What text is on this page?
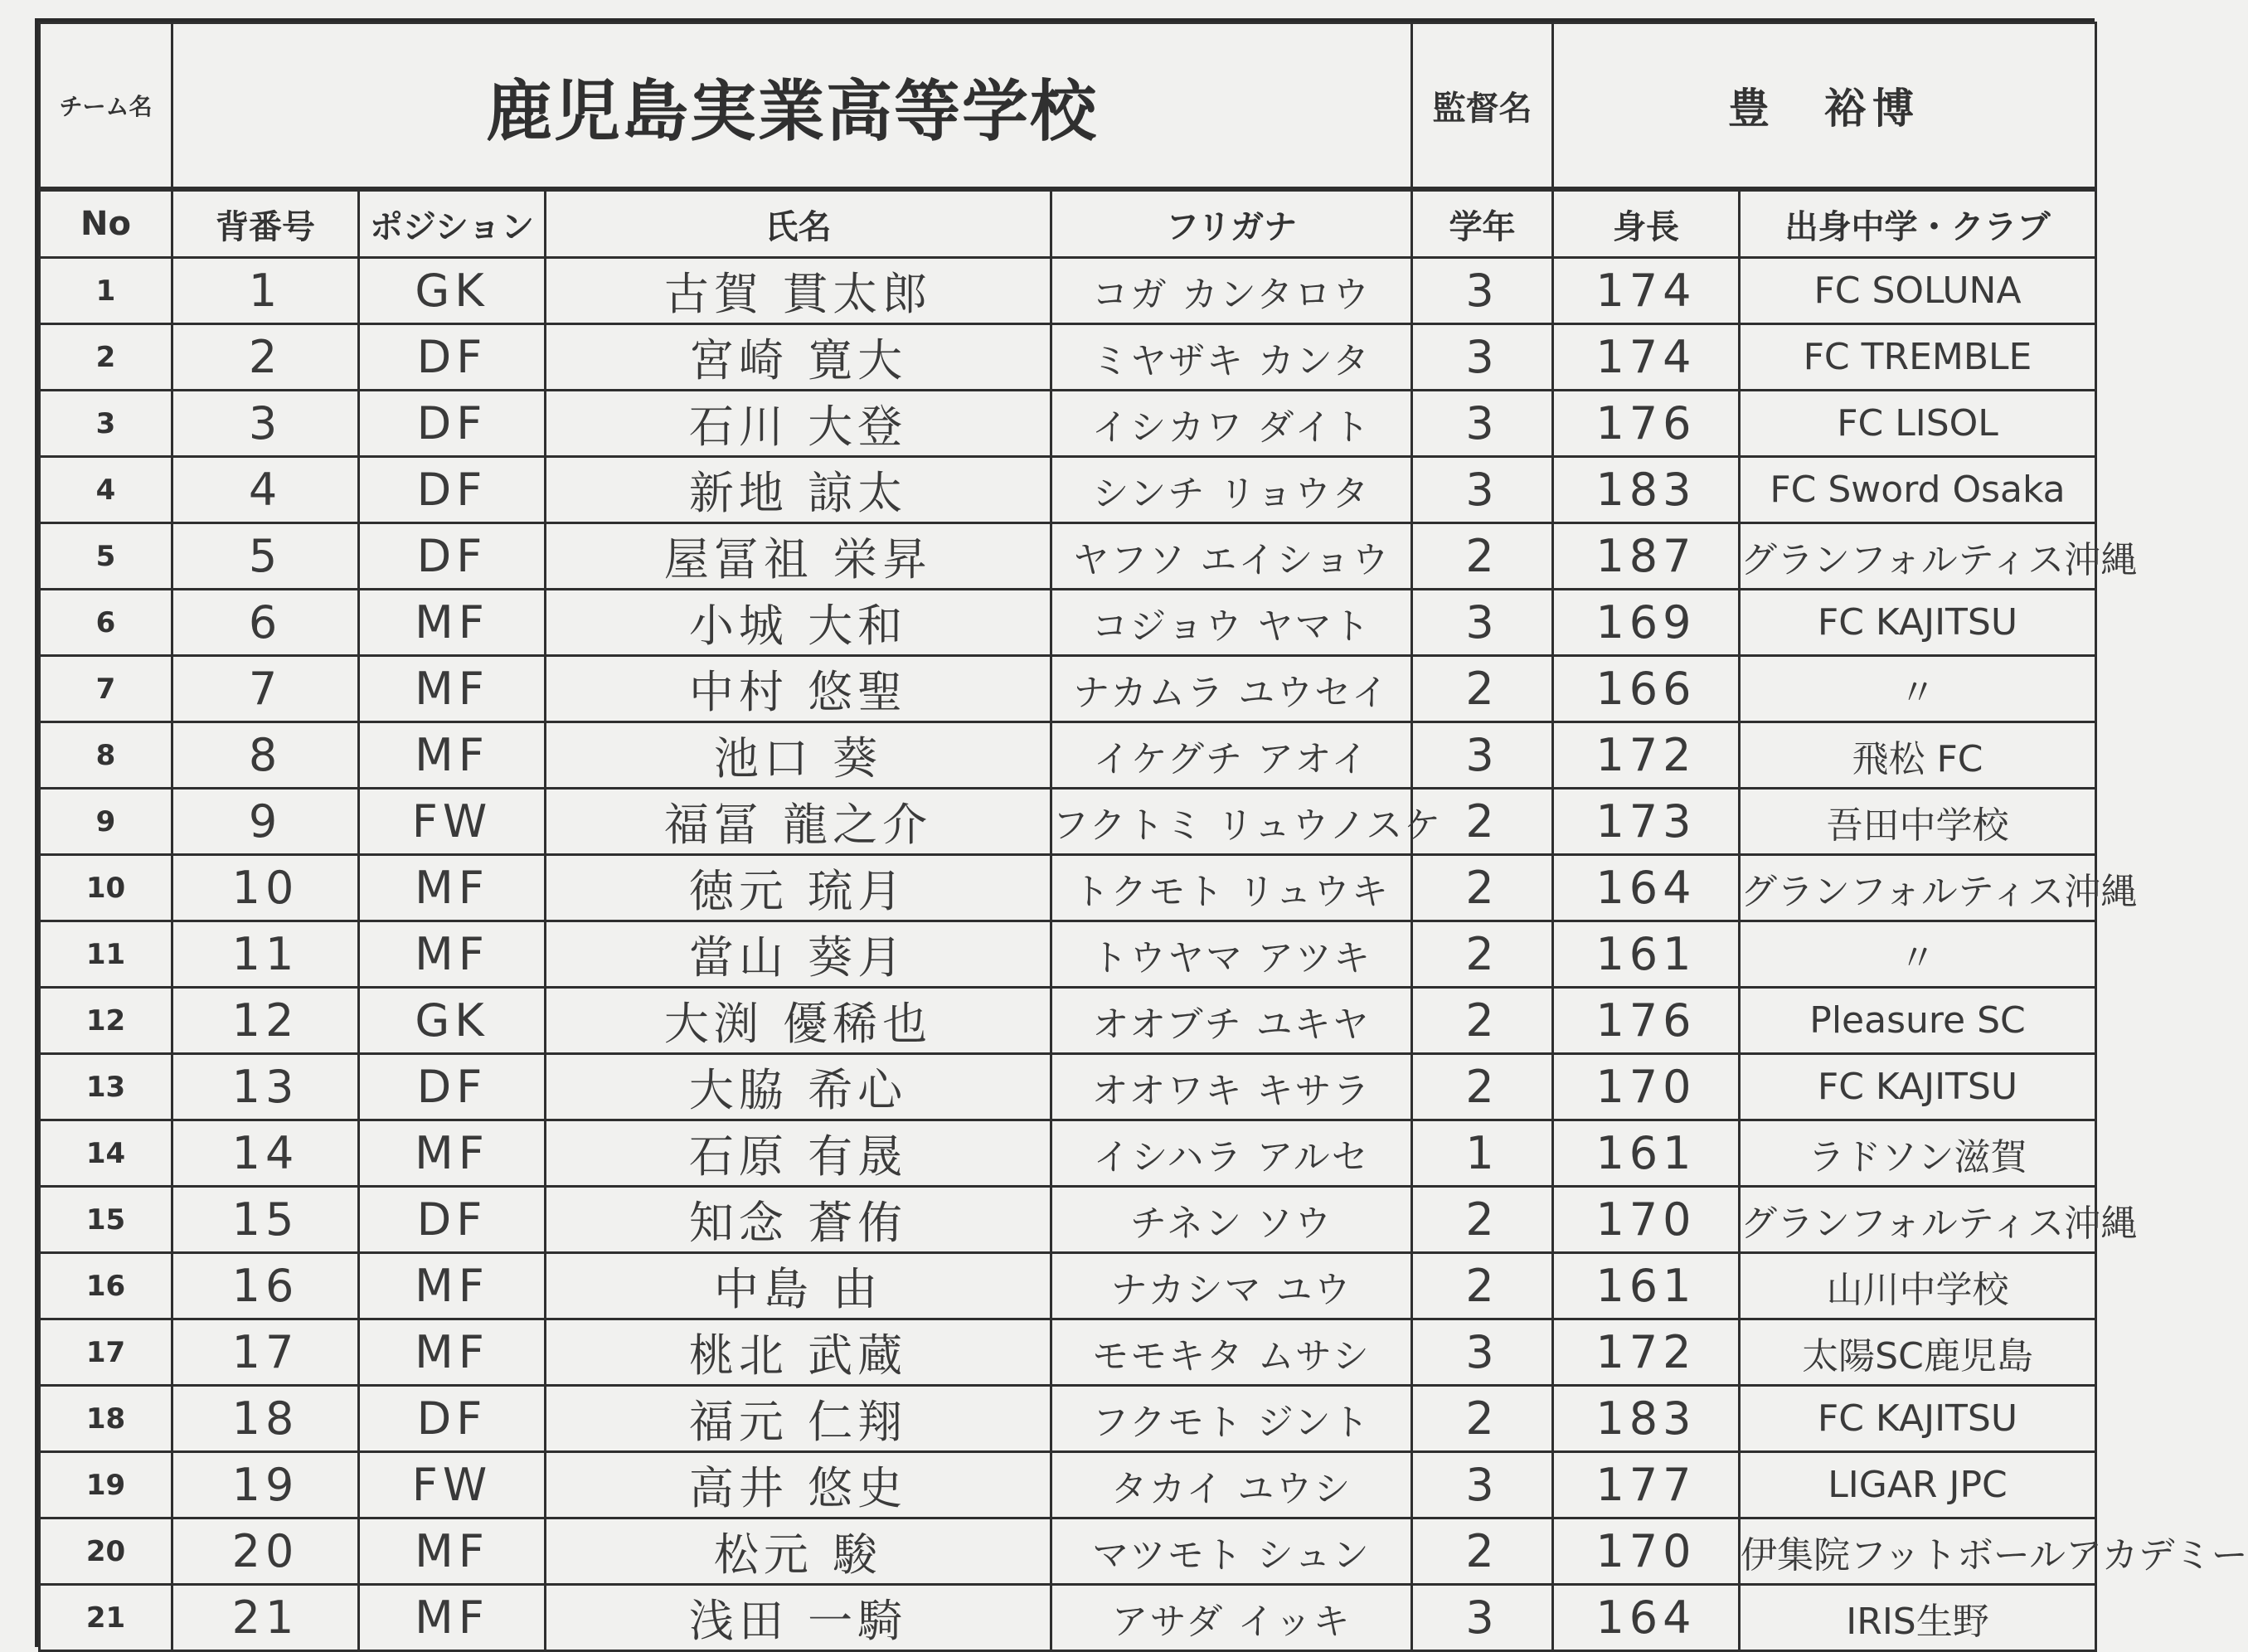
チーム名	鹿児島実業高等学校	監督名	豊　裕博
No	背番号	ポジション	氏名	フリガナ	学年	身長	出身中学・クラブ
1	1	GK	古賀 貫太郎	コガ カンタロウ	3	174	FC SOLUNA
2	2	DF	宮崎 寛大	ミヤザキ カンタ	3	174	FC TREMBLE
3	3	DF	石川 大登	イシカワ ダイト	3	176	FC LISOL
4	4	DF	新地 諒太	シンチ リョウタ	3	183	FC Sword Osaka
5	5	DF	屋冨祖 栄昇	ヤフソ エイショウ	2	187	グランフォルティス沖縄
6	6	MF	小城 大和	コジョウ ヤマト	3	169	FC KAJITSU
7	7	MF	中村 悠聖	ナカムラ ユウセイ	2	166	〃
8	8	MF	池口 葵	イケグチ アオイ	3	172	飛松 FC
9	9	FW	福冨 龍之介	フクトミ リュウノスケ	2	173	吾田中学校
10	10	MF	徳元 琉月	トクモト リュウキ	2	164	グランフォルティス沖縄
11	11	MF	當山 葵月	トウヤマ アツキ	2	161	〃
12	12	GK	大渕 優稀也	オオブチ ユキヤ	2	176	Pleasure SC
13	13	DF	大脇 希心	オオワキ キサラ	2	170	FC KAJITSU
14	14	MF	石原 有晟	イシハラ アルセ	1	161	ラドソン滋賀
15	15	DF	知念 蒼侑	チネン ソウ	2	170	グランフォルティス沖縄
16	16	MF	中島 由	ナカシマ ユウ	2	161	山川中学校
17	17	MF	桃北 武蔵	モモキタ ムサシ	3	172	太陽SC鹿児島
18	18	DF	福元 仁翔	フクモト ジント	2	183	FC KAJITSU
19	19	FW	高井 悠史	タカイ ユウシ	3	177	LIGAR JPC
20	20	MF	松元 駿	マツモト シュン	2	170	伊集院フットボールアカデミー
21	21	MF	浅田 一騎	アサダ イッキ	3	164	IRIS生野
